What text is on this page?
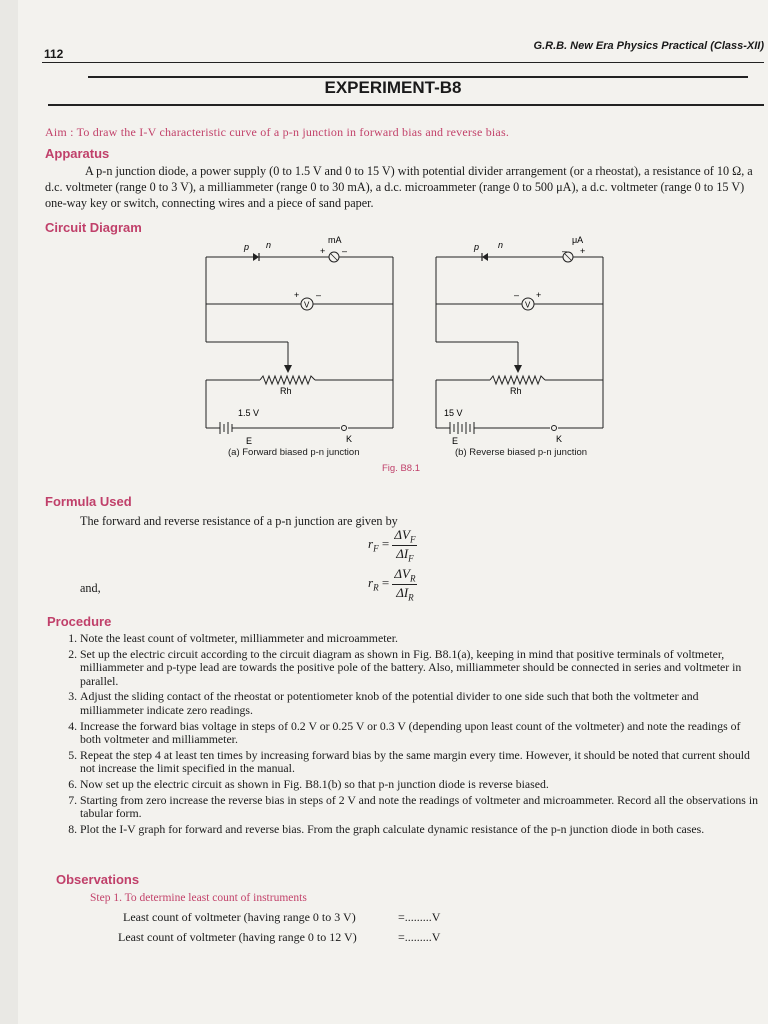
112
G.R.B. New Era Physics Practical (Class-XII)
EXPERIMENT-B8
Aim : To draw the I-V characteristic curve of a p-n junction in forward bias and reverse bias.
Apparatus
A p-n junction diode, a power supply (0 to 1.5 V and 0 to 15 V) with potential divider arrangement (or a rheostat), a resistance of 10 Ω, a d.c. voltmeter (range 0 to 3 V), a milliammeter (range 0 to 30 mA), a d.c. microammeter (range 0 to 500 μA), a d.c. voltmeter (range 0 to 15 V) one-way key or switch, connecting wires and a piece of sand paper.
Circuit Diagram
V
p n	mA
+ –
+ –
Rh
1.5 V
E	K
(a) Forward biased p-n junction
V
p n	μA
– +
– +
Rh
15 V
E	K
(b) Reverse biased p-n junction
Fig. B8.1
Formula Used
The forward and reverse resistance of a p-n junction are given by
$r_F = \frac{\Delta V_F}{\Delta I_F}$
and,	$r_R = \frac{\Delta V_R}{\Delta I_R}$
Procedure
1. Note the least count of voltmeter, milliammeter and microammeter.
2. Set up the electric circuit according to the circuit diagram as shown in Fig. B8.1(a), keeping in mind that positive terminals of voltmeter, milliammeter and p-type lead are towards the positive pole of the battery. Also, milliammeter should be connected in series and voltmeter in parallel.
3. Adjust the sliding contact of the rheostat or potentiometer knob of the potential divider to one side such that both the voltmeter and milliammeter indicate zero readings.
4. Increase the forward bias voltage in steps of 0.2 V or 0.25 V or 0.3 V (depending upon least count of the voltmeter) and note the readings of both voltmeter and milliammeter.
5. Repeat the step 4 at least ten times by increasing forward bias by the same margin every time. However, it should be noted that current should not increase the limit specified in the manual.
6. Now set up the electric circuit as shown in Fig. B8.1(b) so that p-n junction diode is reverse biased.
7. Starting from zero increase the reverse bias in steps of 2 V and note the readings of voltmeter and microammeter. Record all the observations in tabular form.
8. Plot the I-V graph for forward and reverse bias. From the graph calculate dynamic resistance of the p-n junction diode in both cases.
Observations
Step 1. To determine least count of instruments
Least count of voltmeter (having range 0 to 3 V)	=.........V
Least count of voltmeter (having range 0 to 12 V)	=.........V
